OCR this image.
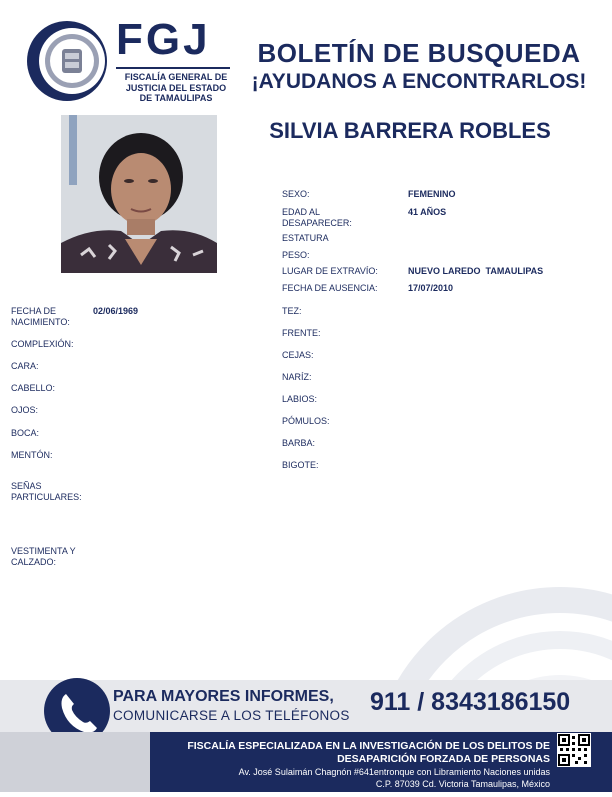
FGJ
FISCALÍA GENERAL DE
JUSTICIA DEL ESTADO
DE TAMAULIPAS
BOLETÍN DE BUSQUEDA
¡AYUDANOS A ENCONTRARLOS!
SILVIA BARRERA ROBLES
SEXO:	FEMENINO
EDAD AL DESAPARECER:
41 AÑOS
ESTATURA
PESO:
LUGAR DE EXTRAVÍO:	NUEVO LAREDO  TAMAULIPAS
FECHA DE AUSENCIA:	17/07/2010
FECHA DE NACIMIENTO:
02/06/1969
COMPLEXIÓN:
CARA:
CABELLO:
OJOS:
BOCA:
MENTÓN:
SEÑAS PARTICULARES:
VESTIMENTA Y CALZADO:
TEZ:
FRENTE:
CEJAS:
NARÍZ:
LABIOS:
PÓMULOS:
BARBA:
BIGOTE:
PARA MAYORES INFORMES,
COMUNICARSE A LOS TELÉFONOS 911 / 8343186150
FISCALÍA ESPECIALIZADA EN LA INVESTIGACIÓN DE LOS DELITOS DE
DESAPARICIÓN FORZADA DE PERSONAS
Av. José Sulaimán Chagnón #641entronque con Libramiento Naciones unidas
C.P. 87039 Cd. Victoria Tamaulipas, México
